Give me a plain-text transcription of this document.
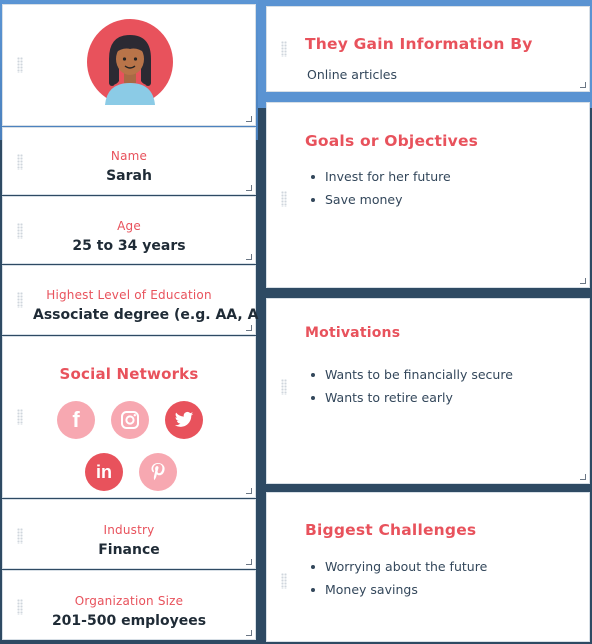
Name
Sarah
Age
25 to 34 years
Highest Level of Education
Associate degree (e.g. AA, A
Social Networks
f
in
Industry
Finance
Organization Size
201-500 employees
They Gain Information By
Online articles
Goals or Objectives
Invest for her future
Save money
Motivations
Wants to be financially secure
Wants to retire early
Biggest Challenges
Worrying about the future
Money savings
